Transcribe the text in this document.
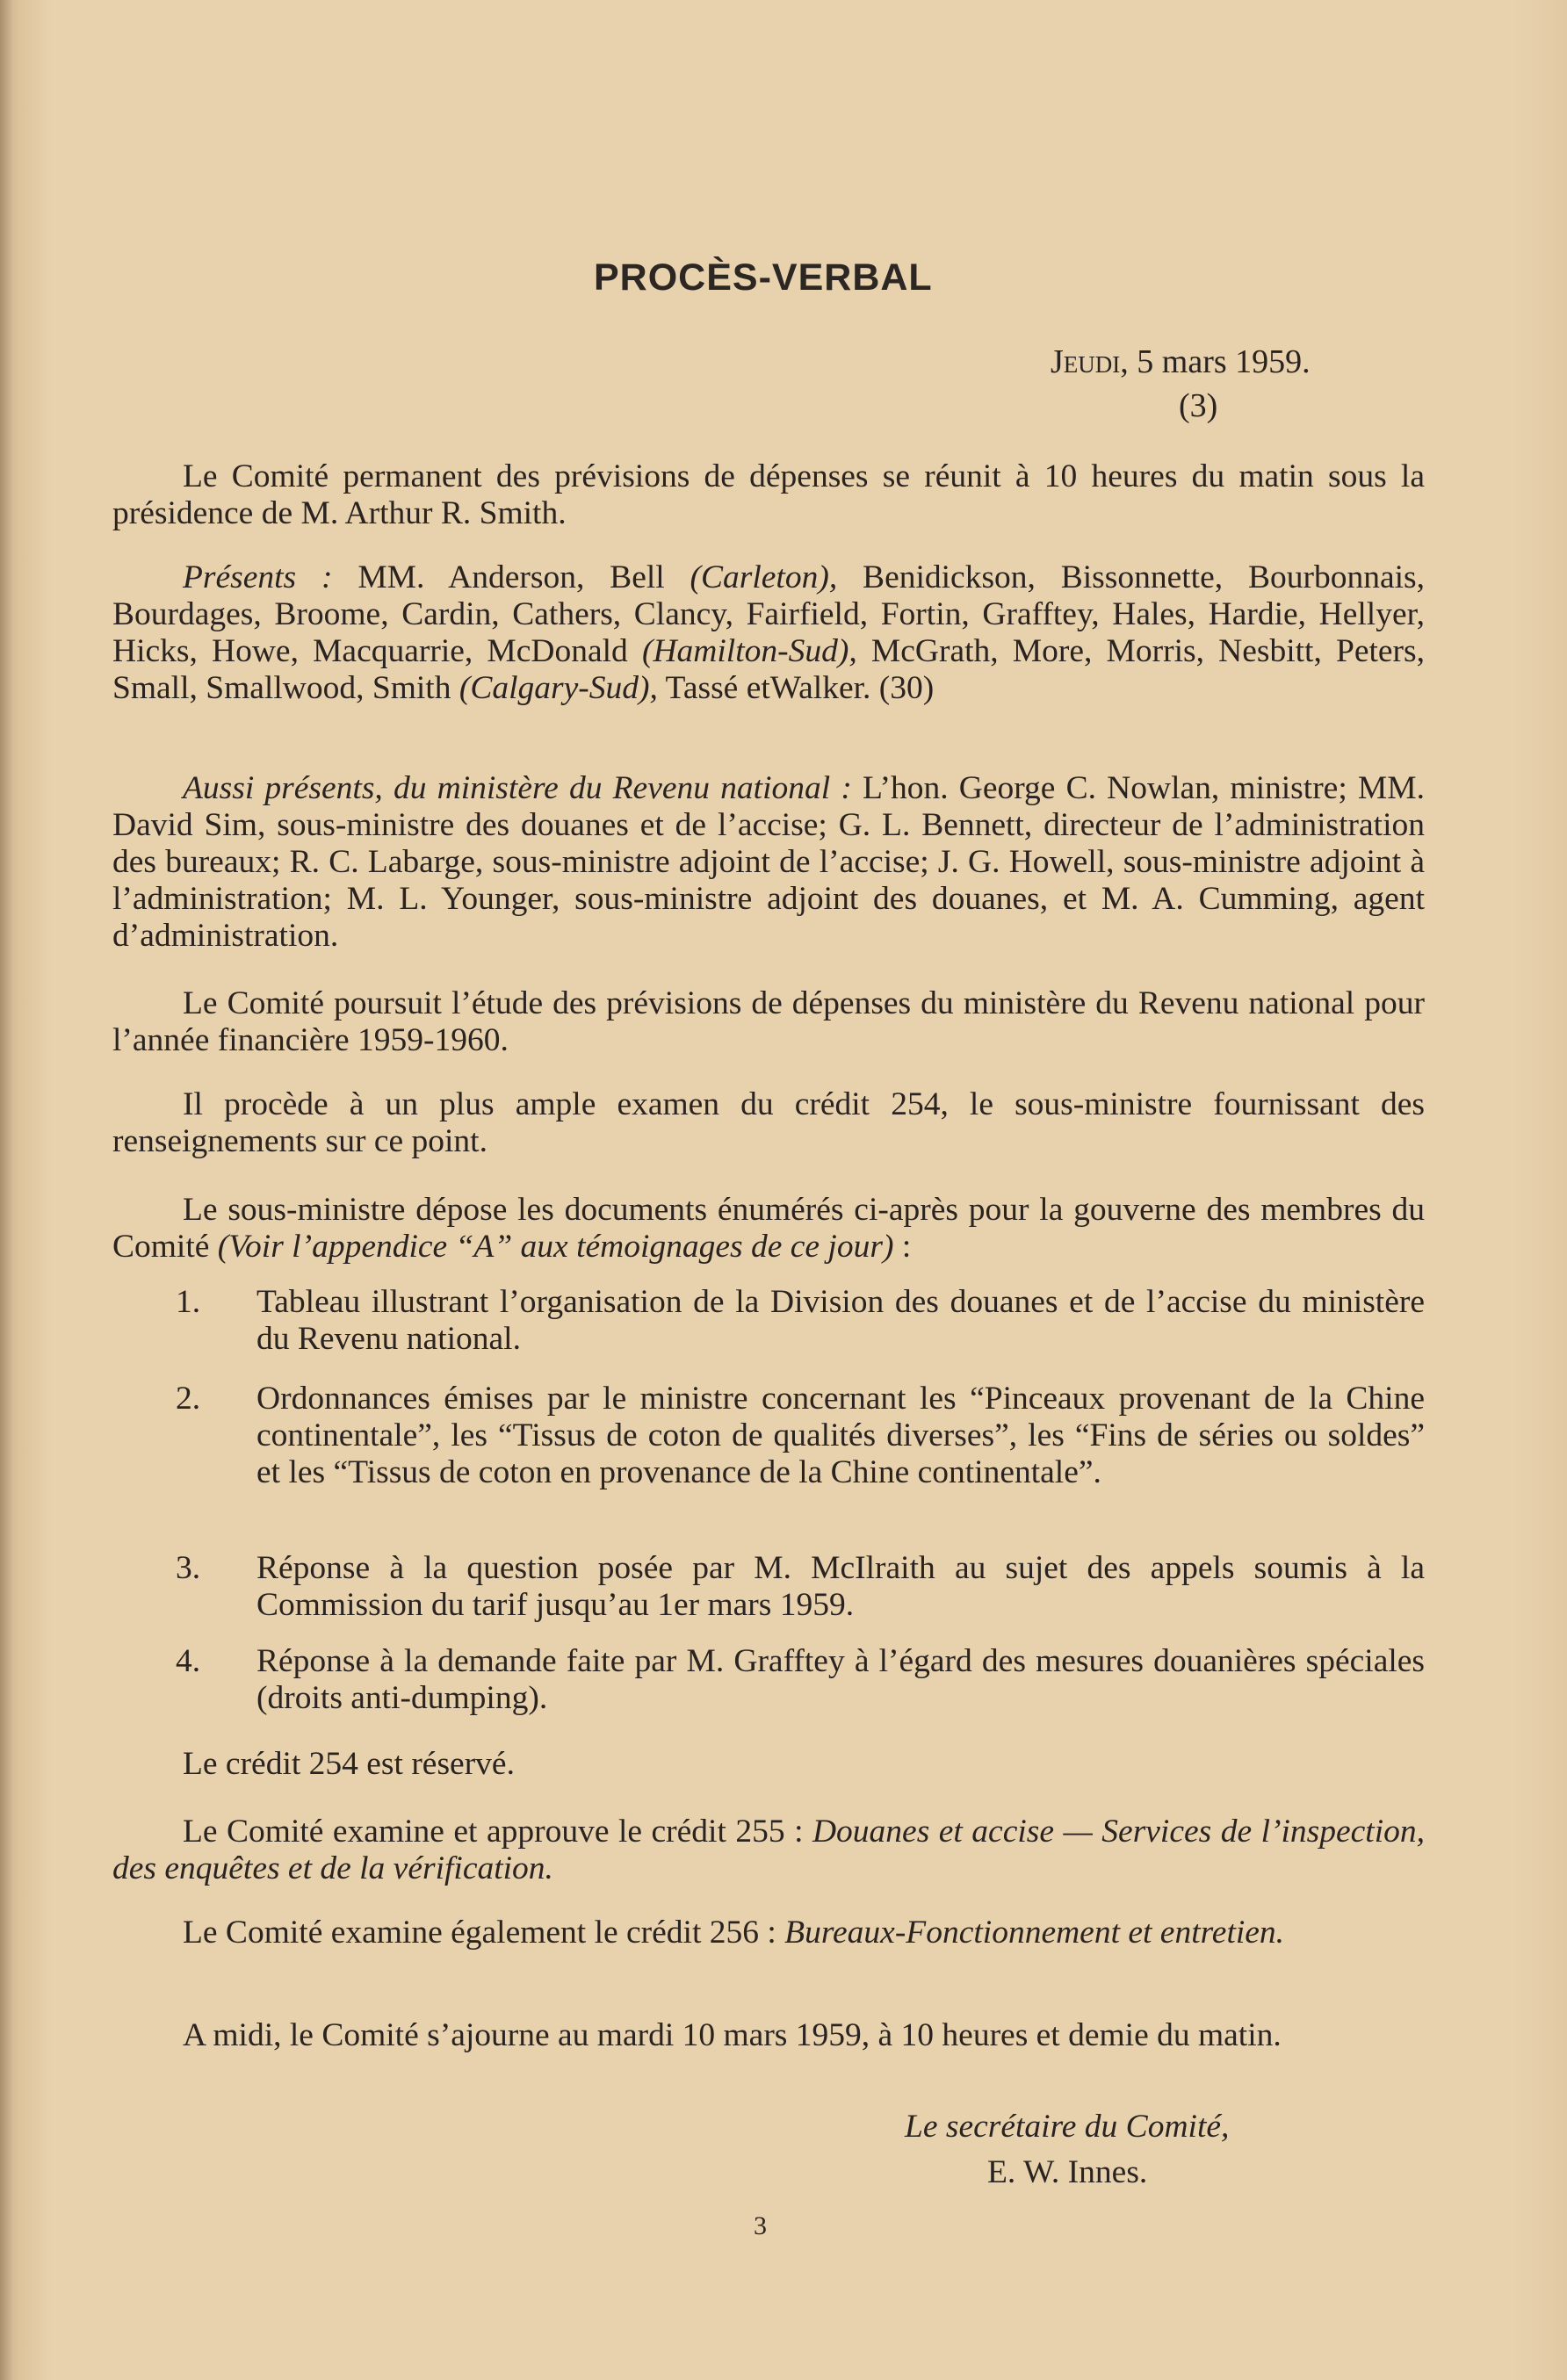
PROCÈS-VERBAL
Jeudi, 5 mars 1959.
(3)

Le Comité permanent des prévisions de dépenses se réunit à 10 heures du matin sous la présidence de M. Arthur R. Smith.

Présents : MM. Anderson, Bell (Carleton), Benidickson, Bissonnette, Bourbonnais, Bourdages, Broome, Cardin, Cathers, Clancy, Fairfield, Fortin, Grafftey, Hales, Hardie, Hellyer, Hicks, Howe, Macquarrie, McDonald (Hamilton-Sud), McGrath, More, Morris, Nesbitt, Peters, Small, Smallwood, Smith (Calgary-Sud), Tassé etWalker. (30)

Aussi présents, du ministère du Revenu national : L’hon. George C. Nowlan, ministre; MM. David Sim, sous-ministre des douanes et de l’accise; G. L. Bennett, directeur de l’administration des bureaux; R. C. Labarge, sous-ministre adjoint de l’accise; J. G. Howell, sous-ministre adjoint à l’administration; M. L. Younger, sous-ministre adjoint des douanes, et M. A. Cumming, agent d’administration.

Le Comité poursuit l’étude des prévisions de dépenses du ministère du Revenu national pour l’année financière 1959-1960.

Il procède à un plus ample examen du crédit 254, le sous-ministre fournissant des renseignements sur ce point.

Le sous-ministre dépose les documents énumérés ci-après pour la gouverne des membres du Comité (Voir l’appendice “A” aux témoignages de ce jour) :

1. Tableau illustrant l’organisation de la Division des douanes et de l’accise du ministère du Revenu national.
2. Ordonnances émises par le ministre concernant les “Pinceaux provenant de la Chine continentale”, les “Tissus de coton de qualités diverses”, les “Fins de séries ou soldes” et les “Tissus de coton en provenance de la Chine continentale”.
3. Réponse à la question posée par M. McIlraith au sujet des appels soumis à la Commission du tarif jusqu’au 1er mars 1959.
4. Réponse à la demande faite par M. Grafftey à l’égard des mesures douanières spéciales (droits anti-dumping).

Le crédit 254 est réservé.

Le Comité examine et approuve le crédit 255 : Douanes et accise — Services de l’inspection, des enquêtes et de la vérification.

Le Comité examine également le crédit 256 : Bureaux-Fonctionnement et entretien.

A midi, le Comité s’ajourne au mardi 10 mars 1959, à 10 heures et demie du matin.

Le secrétaire du Comité,
E. W. Innes.
3
